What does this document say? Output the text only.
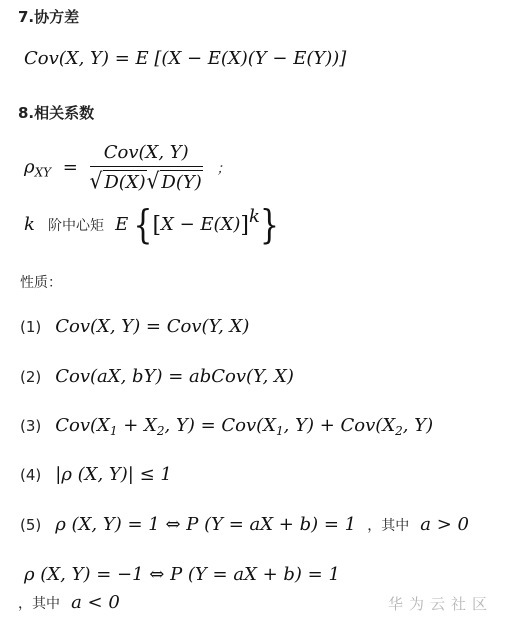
7.协方差
Cov(X, Y) = E [(X − E(X)(Y − E(Y))]
8.相关系数
$\rho_{XY} = \frac{\text{Cov(X, Y)}}{√ D(X)√ D(Y)}$ ；
k 阶中心矩 E $\{[X - E(X)]^k\}$
性质：
(1) Cov(X, Y) = Cov(Y, X)
(2) Cov(aX, bY) = abCov(Y, X)
(3) $Cov(X_1 + X_2$, $Y) = Cov(X_1$, $Y) + Cov(X_2$, Y)
(4) |ρ (X, Y)| ≤ 1
(5) ρ (X, Y) = 1 ⇔ P (Y = aX + b) = 1 ，其中 a > 0
ρ (X, Y) = −1 ⇔ P (Y = aX + b) = 1
，其中 a < 0	华为云社区
